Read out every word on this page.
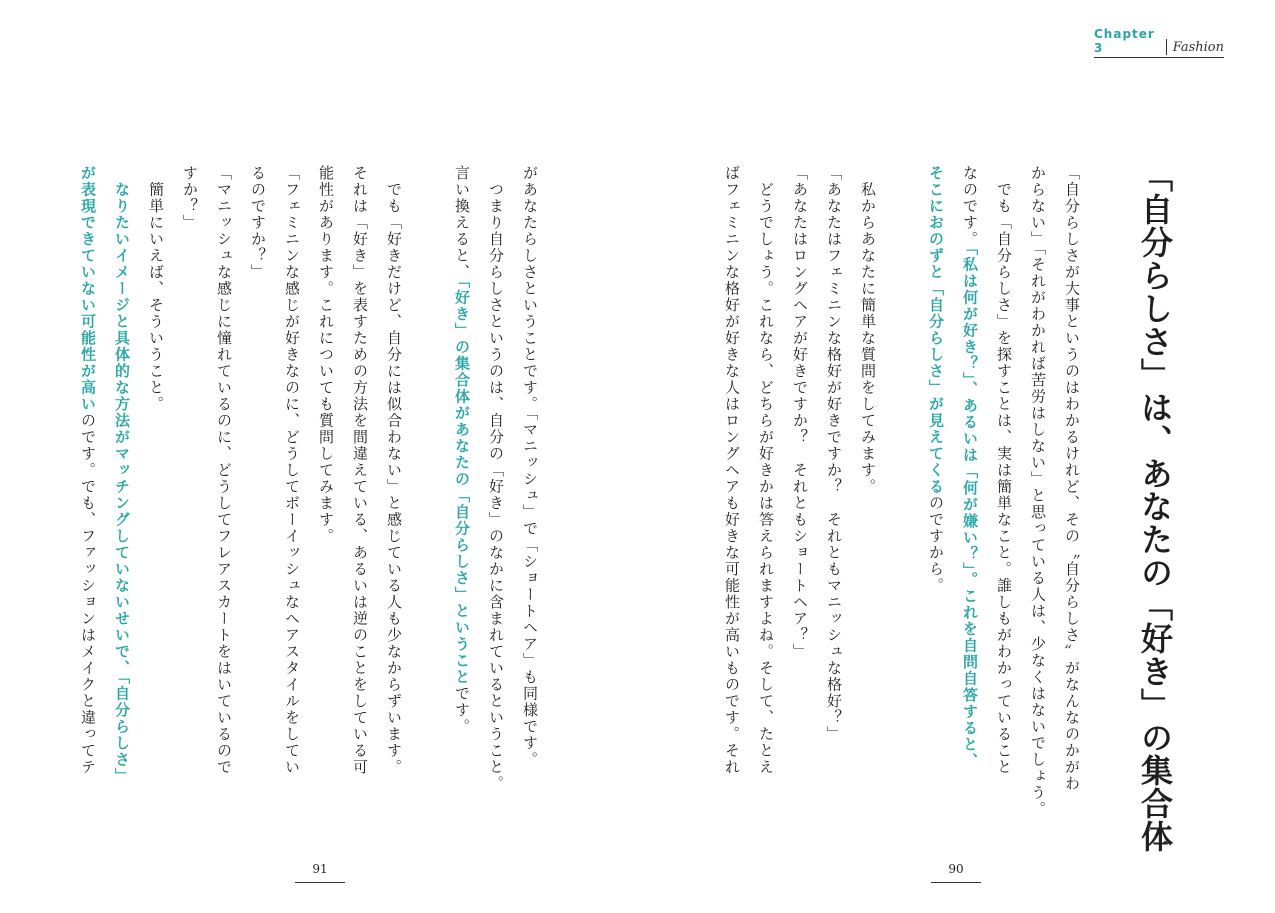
Chapter 3	Fashion
「自分らしさ」は、あなたの「好き」の集合体
「自分らしさが大事というのはわかるけれど、その〝自分らしさ〟がなんなのかがわ
からない」「それがわかれば苦労はしない」と思っている人は、少なくはないでしょう。
　でも「自分らしさ」を探すことは、実は簡単なこと。誰しもがわかっていること
なのです。「私は何が好き？」、あるいは「何が嫌い？」。これを自問自答すると、
そこにおのずと「自分らしさ」が見えてくるのですから。
　私からあなたに簡単な質問をしてみます。
「あなたはフェミニンな格好が好きですか？　それともマニッシュな格好？」
「あなたはロングヘアが好きですか？　それともショートヘア？」
　どうでしょう。これなら、どちらが好きかは答えられますよね。そして、たとえ
ばフェミニンな格好が好きな人はロングヘアも好きな可能性が高いものです。それ
90
があなたらしさということです。「マニッシュ」で「ショートヘア」も同様です。
　つまり自分らしさというのは、自分の「好き」のなかに含まれているということ。
言い換えると、「好き」の集合体があなたの「自分らしさ」ということです。
　でも「好きだけど、自分には似合わない」と感じている人も少なからずいます。
それは「好き」を表すための方法を間違えている、あるいは逆のことをしている可
能性があります。これについても質問してみます。
「フェミニンな感じが好きなのに、どうしてボーイッシュなヘアスタイルをしてい
るのですか？」
「マニッシュな感じに憧れているのに、どうしてフレアスカートをはいているので
すか？」
　簡単にいえば、そういうこと。
　なりたいイメージと具体的な方法がマッチングしていないせいで、「自分らしさ」
が表現できていない可能性が高いのです。でも、ファッションはメイクと違ってテ
91
